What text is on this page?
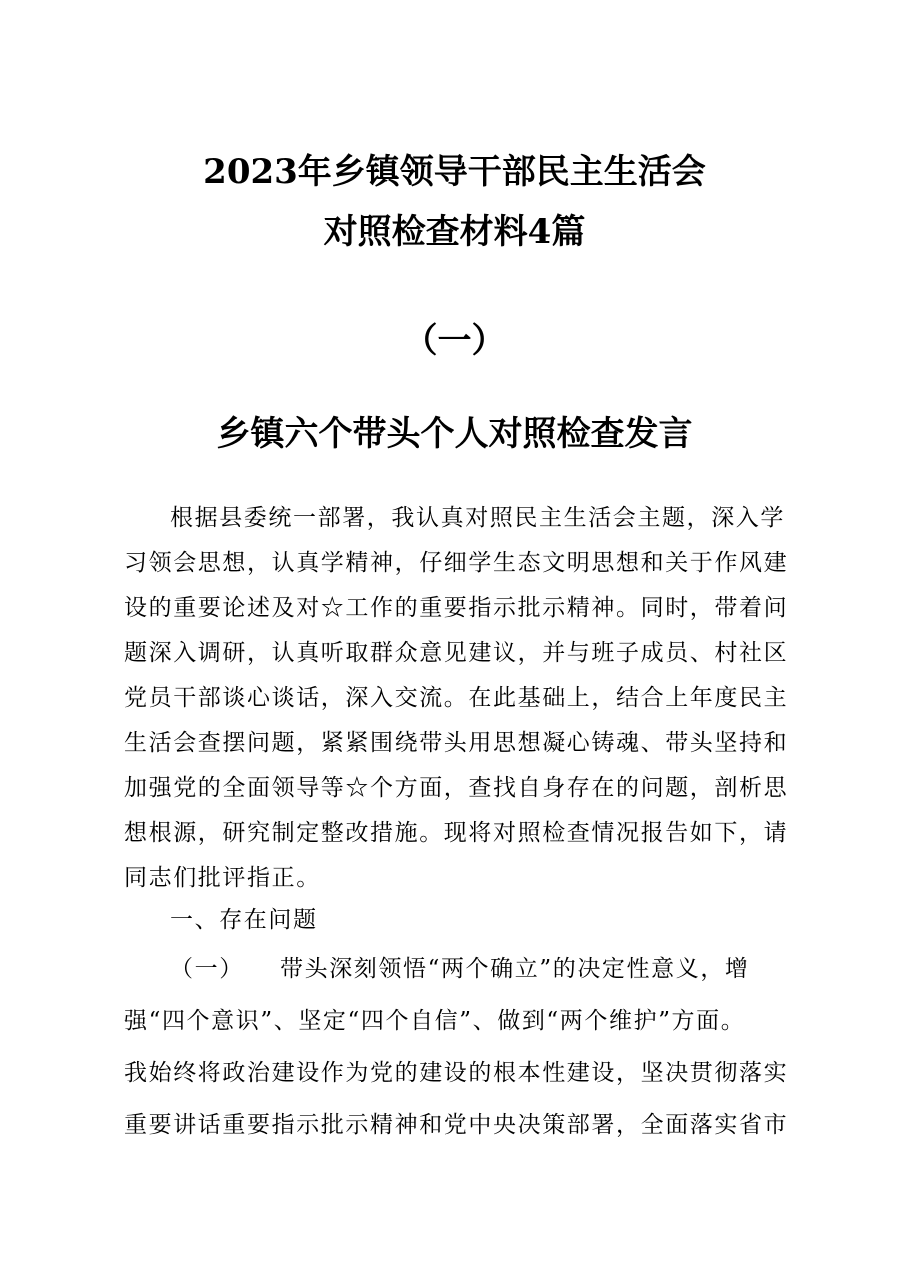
2023年乡镇领导干部民主生活会
对照检查材料4篇
（一）
乡镇六个带头个人对照检查发言
根据县委统一部署，我认真对照民主生活会主题，深入学
习领会思想，认真学精神，仔细学生态文明思想和关于作风建
设的重要论述及对☆工作的重要指示批示精神。同时，带着问
题深入调研，认真听取群众意见建议，并与班子成员、村社区
党员干部谈心谈话，深入交流。在此基础上，结合上年度民主
生活会查摆问题，紧紧围绕带头用思想凝心铸魂、带头坚持和
加强党的全面领导等☆个方面，查找自身存在的问题，剖析思
想根源，研究制定整改措施。现将对照检查情况报告如下，请
同志们批评指正。
一、存在问题
（一） 带头深刻领悟“两个确立”的决定性意义，增
强“四个意识”、坚定“四个自信”、做到“两个维护”方面。
我始终将政治建设作为党的建设的根本性建设，坚决贯彻落实
重要讲话重要指示批示精神和党中央决策部署，全面落实省市
